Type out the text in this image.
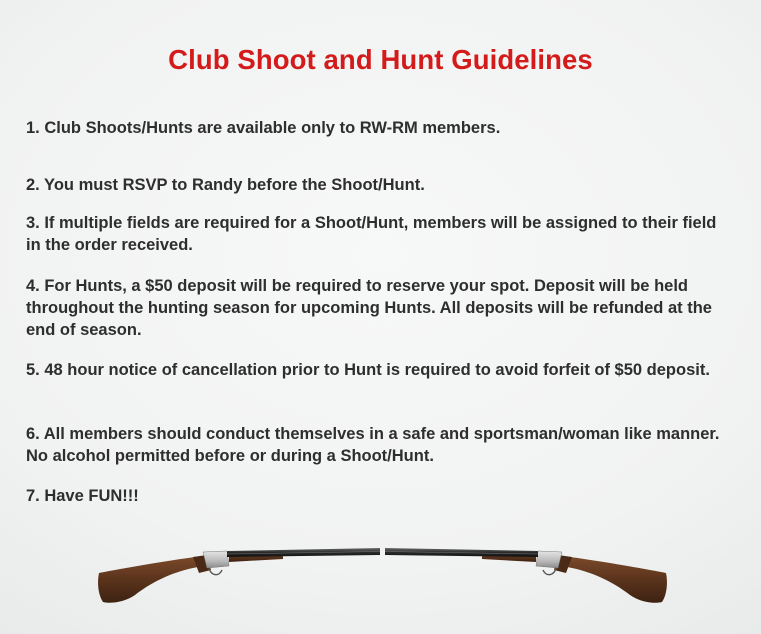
Club Shoot and Hunt Guidelines

1. Club Shoots/Hunts are available only to RW-RM members.

2. You must RSVP to Randy before the Shoot/Hunt.

3. If multiple fields are required for a Shoot/Hunt, members will be assigned to their field in the order received.

4. For Hunts, a $50 deposit will be required to reserve your spot. Deposit will be held throughout the hunting season for upcoming Hunts. All deposits will be refunded at the end of season.

5. 48 hour notice of cancellation prior to Hunt is required to avoid forfeit of $50 deposit.

6. All members should conduct themselves in a safe and sportsman/woman like manner. No alcohol permitted before or during a Shoot/Hunt.

7. Have FUN!!!
